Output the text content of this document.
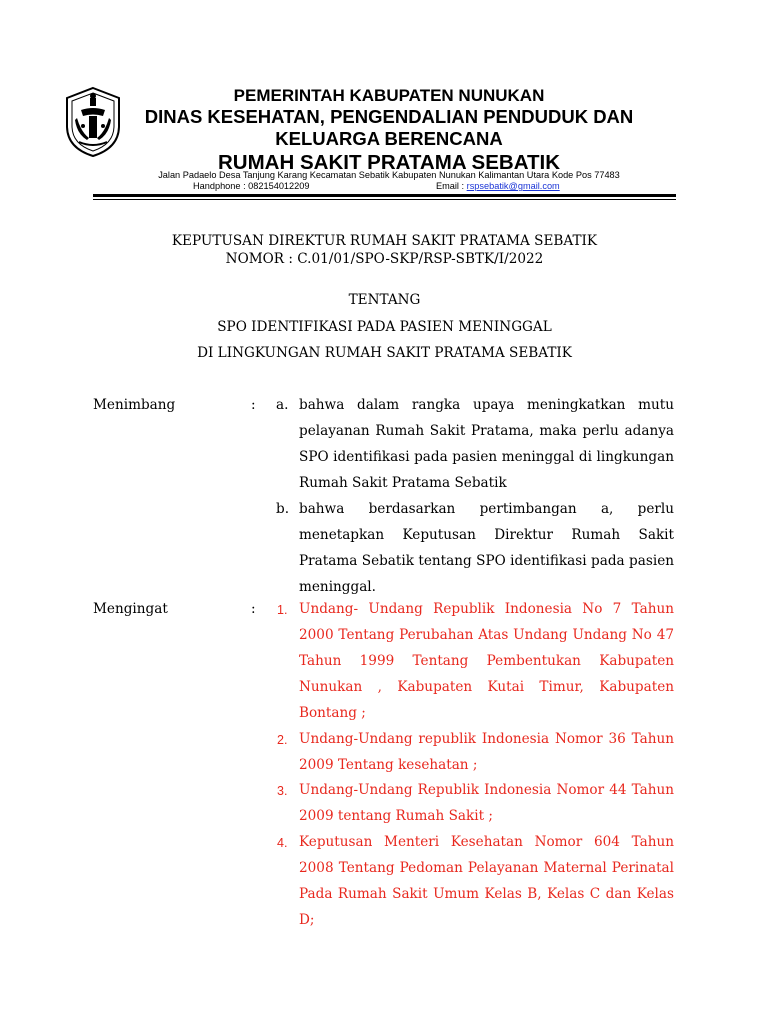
PEMERINTAH KABUPATEN NUNUKAN
DINAS KESEHATAN, PENGENDALIAN PENDUDUK DAN
KELUARGA BERENCANA
RUMAH SAKIT PRATAMA SEBATIK
Jalan Padaelo Desa Tanjung Karang Kecamatan Sebatik Kabupaten Nunukan Kalimantan Utara Kode Pos 77483
Handphone : 082154012209	Email : rspsebatik@gmail.com
KEPUTUSAN DIREKTUR RUMAH SAKIT PRATAMA SEBATIK
NOMOR : C.01/01/SPO-SKP/RSP-SBTK/I/2022
TENTANG
SPO IDENTIFIKASI PADA PASIEN MENINGGAL
DI LINGKUNGAN RUMAH SAKIT PRATAMA SEBATIK
Menimbang	: a. bahwa dalam rangka upaya meningkatkan mutu pelayanan Rumah Sakit Pratama, maka perlu adanya SPO identifikasi pada pasien meninggal di lingkungan Rumah Sakit Pratama Sebatik
b. bahwa berdasarkan pertimbangan a, perlu menetapkan Keputusan Direktur Rumah Sakit Pratama Sebatik tentang SPO identifikasi pada pasien meninggal.
Mengingat	: 1. Undang- Undang Republik Indonesia No 7 Tahun 2000 Tentang Perubahan Atas Undang Undang No 47 Tahun 1999 Tentang Pembentukan Kabupaten Nunukan , Kabupaten Kutai Timur, Kabupaten Bontang ;
2. Undang-Undang republik Indonesia Nomor 36 Tahun 2009 Tentang kesehatan ;
3. Undang-Undang Republik Indonesia Nomor 44 Tahun 2009 tentang Rumah Sakit ;
4. Keputusan Menteri Kesehatan Nomor 604 Tahun 2008 Tentang Pedoman Pelayanan Maternal Perinatal Pada Rumah Sakit Umum Kelas B, Kelas C dan Kelas D;
